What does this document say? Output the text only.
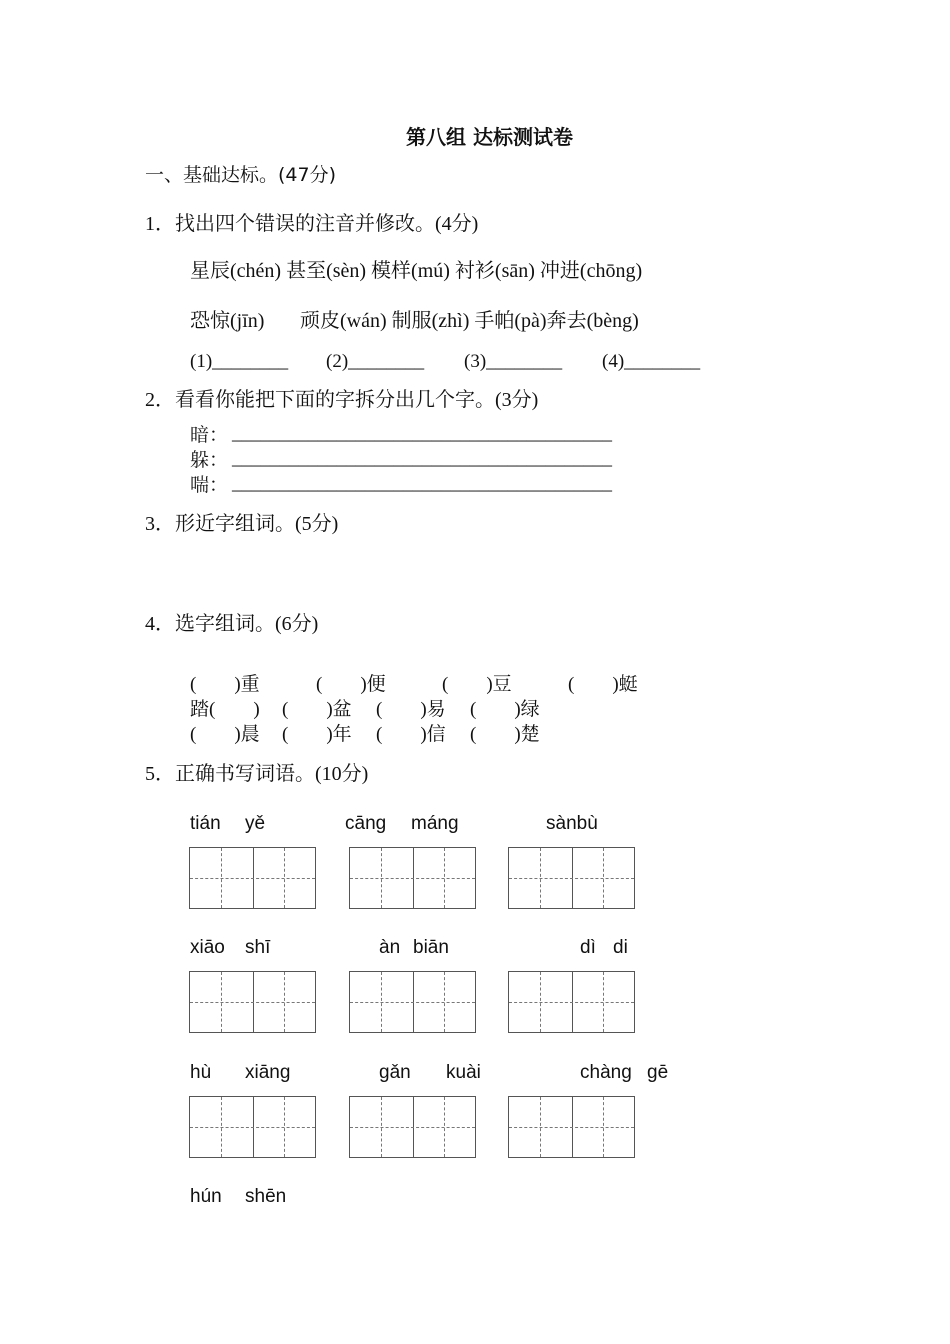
第八组 达标测试卷
一、基础达标。(47分)
1．找出四个错误的注音并修改。(4分)
星辰(chén) 甚至(sèn) 模样(mú) 衬衫(sān) 冲进(chōng)
恐惊(jīn) 顽皮(wán) 制服(zhì) 手帕(pà)奔去(bèng)
(1)________ (2)________ (3)________ (4)________
2．看看你能把下面的字拆分出几个字。(3分)
暗： ________________________________________
躲： ________________________________________
喘： ________________________________________
3．形近字组词。(5分)
4．选字组词。(6分)
(　　)重	(　　)便	(　　)豆	(　　)蜓
踏(　　) (　　)盆 (　　)易 (　　)绿
(　　)晨 (　　)年 (　　)信 (　　)楚
5．正确书写词语。(10分)
tián yě	cāng máng	sànbù
xiāo shī	àn biān	dì di
hù xiāng	gǎn kuài	chàng gē
hún shēn
